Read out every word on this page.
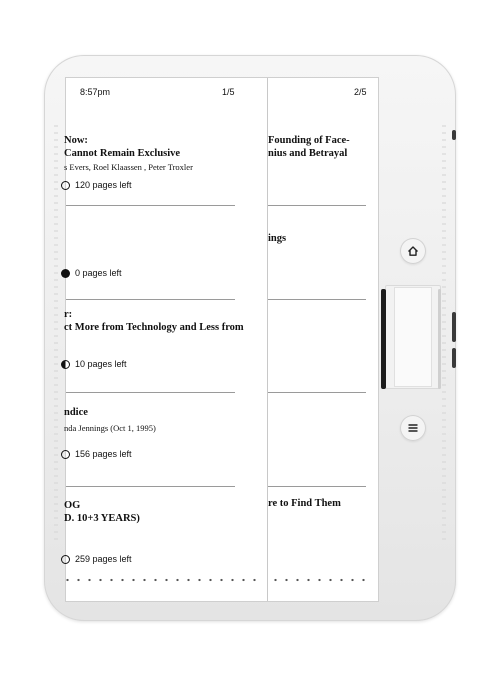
8:57pm	1/5
Now:
Cannot Remain Exclusive
s Evers, Roel Klaassen , Peter Troxler
120 pages left
0 pages left
r:
ct More from Technology and Less from
10 pages left
ndice
nda Jennings (Oct 1, 1995)
156 pages left
OG
D. 10+3 YEARS)
259 pages left
2/5
Founding of Face-
nius and Betrayal
ings
re to Find Them
